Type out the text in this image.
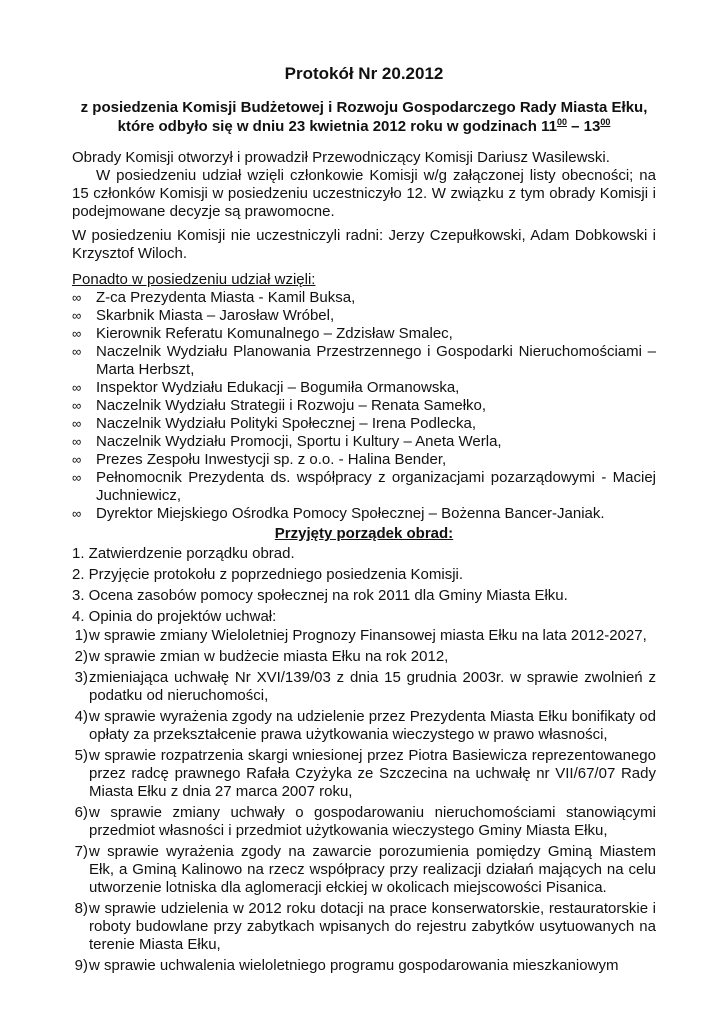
Protokół Nr 20.2012
z posiedzenia Komisji Budżetowej i Rozwoju Gospodarczego Rady Miasta Ełku,
które odbyło się w dniu 23 kwietnia 2012 roku w godzinach $11^{00} - 13^{00}$

Obrady Komisji otworzył i prowadził Przewodniczący Komisji Dariusz Wasilewski.

W posiedzeniu udział wzięli członkowie Komisji w/g załączonej listy obecności; na 15 członków Komisji w posiedzeniu uczestniczyło 12. W związku z tym obrady Komisji i podejmowane decyzje są prawomocne.

W posiedzeniu Komisji nie uczestniczyli radni: Jerzy Czepułkowski, Adam Dobkowski i Krzysztof Wiloch.

Ponadto w posiedzeniu udział wzięli:

∞ Z-ca Prezydenta Miasta - Kamil Buksa,
∞ Skarbnik Miasta – Jarosław Wróbel,
∞ Kierownik Referatu Komunalnego – Zdzisław Smalec,
∞ Naczelnik Wydziału Planowania Przestrzennego i Gospodarki Nieruchomościami – Marta Herbszt,
∞ Inspektor Wydziału Edukacji – Bogumiła Ormanowska,
∞ Naczelnik Wydziału Strategii i Rozwoju – Renata Samełko,
∞ Naczelnik Wydziału Polityki Społecznej – Irena Podlecka,
∞ Naczelnik Wydziału Promocji, Sportu i Kultury – Aneta Werla,
∞ Prezes Zespołu Inwestycji sp. z o.o. - Halina Bender,
∞ Pełnomocnik Prezydenta ds. współpracy z organizacjami pozarządowymi - Maciej Juchniewicz,
∞ Dyrektor Miejskiego Ośrodka Pomocy Społecznej – Bożenna Bancer-Janiak.
Przyjęty porządek obrad:

1. Zatwierdzenie porządku obrad.

2. Przyjęcie protokołu z poprzedniego posiedzenia Komisji.

3. Ocena zasobów pomocy społecznej na rok 2011 dla Gminy Miasta Ełku.

4. Opinia do projektów uchwał:

1) w sprawie zmiany Wieloletniej Prognozy Finansowej miasta Ełku na lata 2012-2027,
2) w sprawie zmian w budżecie miasta Ełku na rok 2012,
3) zmieniająca uchwałę Nr XVI/139/03 z dnia 15 grudnia 2003r. w sprawie zwolnień z podatku od nieruchomości,
4) w sprawie wyrażenia zgody na udzielenie przez Prezydenta Miasta Ełku bonifikaty od opłaty za przekształcenie prawa użytkowania wieczystego w prawo własności,
5) w sprawie rozpatrzenia skargi wniesionej przez Piotra Basiewicza reprezentowanego przez radcę prawnego Rafała Czyżyka ze Szczecina na uchwałę nr VII/67/07 Rady Miasta Ełku z dnia 27 marca 2007 roku,
6) w sprawie zmiany uchwały o gospodarowaniu nieruchomościami stanowiącymi przedmiot własności i przedmiot użytkowania wieczystego Gminy Miasta Ełku,
7) w sprawie wyrażenia zgody na zawarcie porozumienia pomiędzy Gminą Miastem Ełk, a Gminą Kalinowo na rzecz współpracy przy realizacji działań mających na celu utworzenie lotniska dla aglomeracji ełckiej w okolicach miejscowości Pisanica.
8) w sprawie udzielenia w 2012 roku dotacji na prace konserwatorskie, restauratorskie i roboty budowlane przy zabytkach wpisanych do rejestru zabytków usytuowanych na terenie Miasta Ełku,
9) w sprawie uchwalenia wieloletniego programu gospodarowania mieszkaniowym
